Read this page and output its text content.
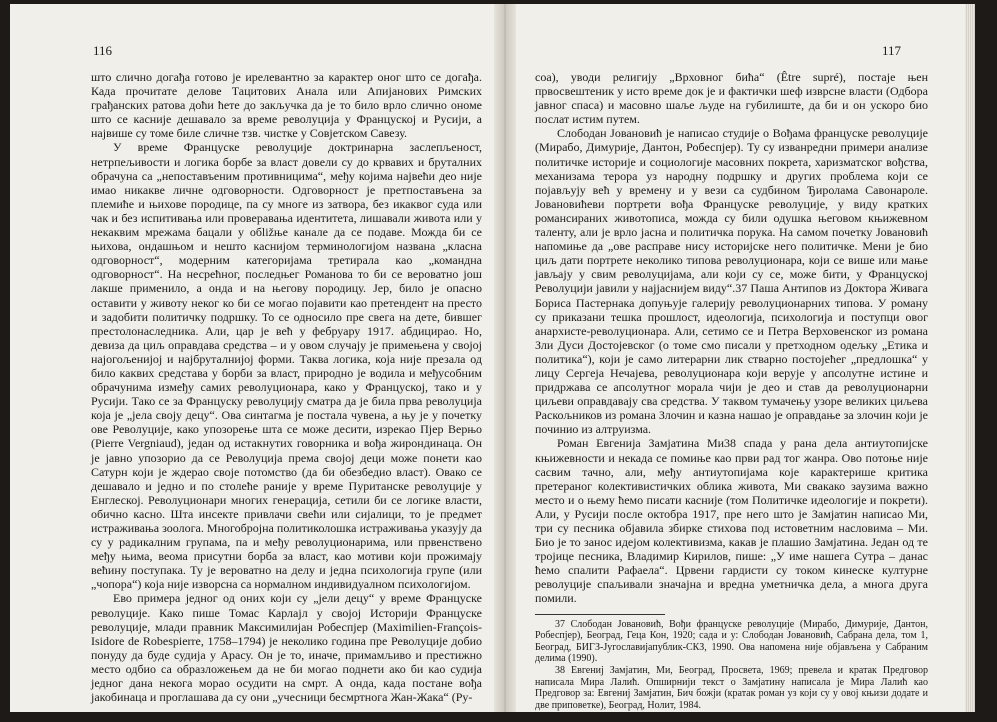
116

што слично догађа готово је ирелевантно за карактер оног што се догађа. Када прочитате делове Тацитових Анала или Апијанових Римских грађанских ратова доћи ћете до закључка да је то било врло слично ономе што се касније дешавало за време револуција у Француској и Русији, а највише су томе биле сличне тзв. чистке у Совјетском Савезу.

У време Француске револуције доктринарна заслепљеност, нетрпељивости и логика борбе за власт довели су до крвавих и бруталних обрачуна са „непоставъеним противницима“, међу којима највећи део није имао никакве личне одговорности. Одговорност је претпоставъена за племиће и њихове породице, па су многе из затвора, без икаквог суда или чак и без испитивања или проверавања идентитета, лишавали живота или у некаквим мрежама бацали у обližње канале да се подаве. Можда би се њихова, ондашњом и нешто каснијом терминологијом названа „класна одговорност“, модерним категоријама третирала као „командна одговорност“. На несрећног, последњег Романова то би се вероватно још лакше применило, а онда и на његову породицу. Јер, било је опасно оставити у животу неког ко би се могао појавити као претендент на престо и задобити политичку подршку. То се односило пре свега на дете, бившег престолонаследника. Али, цар је већ у фебруару 1917. абдицирао. Но, девиза да циљ оправдава средства – и у овом случају је примењена у својој најогољенијој и најбруталнијој форми. Таква логика, која није презала од било каквих средстава у борби за власт, природно је водила и међусобним обрачунима између самих револуционара, како у Француској, тако и у Русији. Тако се за Француску револуцију сматра да је била прва револуција која је „јела своју децу“. Ова синтагма је постала чувена, а њу је у почетку ове Револуције, како упозорење шта се може десити, изрекао Пјер Верњо (Pierre Vergniaud), један од истакнутих говорника и вођа жирондинаца. Он је јавно упозорио да се Револуција према својој деци може понети као Сатурн који је ждерао своје потомство (да би обезбедио власт). Овако се дешавало и једно и по столеће раније у време Пуританске револуције у Енглеској. Револуционари многих генерација, сетили би се логике власти, обично касно. Шта инсекте привлачи свећи или сијалици, то је предмет истраживања зоолога. Многобројна политиколошка истраживања указују да су у радикалним групама, па и међу револуционарима, или првенствено међу њима, веома присутни борба за власт, као мотиви који прожимају већину поступака. Ту је вероватно на делу и једна психологија групе (или „чопора“) која није изворсна са нормалном индивидуалном психологијом.

Ево примера једног од оних који су „јели децу“ у време Француске револуције. Како пише Томас Карлајл у својој Историји Француске револуције, млади правник Максимилијан Робеспјер (Maximilien-François-Isidore de Robespierre, 1758–1794) је неколико година пре Револуције добио понуду да буде судија у Арасу. Он је то, иначе, примамљиво и престижно место одбио са образложењем да не би могао поднети ако би као судија једног дана некога морао осудити на смрт. А онда, када постане вођа јакобинаца и проглашава да су они „учесници бесмртнога Жан-Жака“ (Ру-

117

соа), уводи религију „Врховног бића“ (Être supré), постаје њен првосвештеник у исто време док је и фактички шеф изврсне власти (Одбора јавног спаса) и масовно шаље људе на губилиште, да би и он ускоро био послат истим путем.

Слободан Јовановић је написао студије о Вођама француске револуције (Мирабо, Димурије, Дантон, Робеспјер). Ту су изванредни примери анализе политичке историје и социологије масовних покрета, харизматског вођства, механизама терора уз народну подршку и других проблема који се појављују већ у времену и у вези са судбином Ђиролама Савонароле. Јовановићеви портрети вођа Француске револуције, у виду кратких романсираних животописа, можда су били одушка његовом књижевном таленту, али је врло јасна и политичка порука. На самом почетку Јовановић напомиње да „ове расправе нису историјске него политичке. Мени је био циљ дати портрете неколико типова револуционара, који се више или мање јављају у свим револуцијама, али који су се, може бити, у Француској Револуцији јавили у најјаснијем виду“.37 Паша Антипов из Доктора Живага Бориса Пастернака допуњује галерију револуционарних типова. У роману су приказани тешка прошлост, идеологија, психологија и поступци овог анархисте-револуционара. Али, сетимо се и Петра Верховенског из романа Зли Дуси Достојевског (о томе смо писали у претходном одељку „Етика и политика“), који је само литерарни лик стварно постојећег „предлошка“ у лицу Сергеја Нечајева, револуционара који верује у апсолутне истине и придржава се апсолутног морала чији је део и став да револуционарни циљеви оправдавају сва средства. У таквом тумачењу узоре великих циљева Раскољников из романа Злочин и казна нашао је оправдање за злочин који је починио из алтруизма.

Роман Евгенија Замјатина Ми38 спада у рана дела антиутопијске књижевности и некада се помиње као први рад тог жанра. Ово потоње није сасвим тачно, али, међу антиутопијама које карактерише критика претераног колективистичких облика живота, Ми свакако заузима важно место и о њему ћемо писати касније (том Политичке идеологије и покрети). Али, у Русији после октобра 1917, пре него што је Замјатин написао Ми, три су песника објавила збирке стихова под истоветним насловима – Ми. Био је то занос идејом колективизма, какав је плашио Замјатина. Један од те тројице песника, Владимир Кирилов, пише: „У име нашега Сутра – данас ћемо спалити Рафаела“. Црвени гардисти су током кинеске културне револуције спаљивали значајна и вредна уметничка дела, а многа друга помили.

37 Слободан Јовановић, Вођи француске револуције (Мирабо, Димурије, Дантон, Робеспјер), Београд, Геца Кон, 1920; сада и у: Слободан Јовановић, Сабрана дела, том 1, Београд, БИГЗ-Југославијапублик-СКЗ, 1990. Ова напомена није објављена у Сабраним делима (1990).

38 Евгениј Замјатин, Ми, Београд, Просвета, 1969; превела и кратак Предговор написала Мира Лалић. Опширнији текст о Замјатину написала је Мира Лалић као Предговор за: Евгениј Замјатин, Бич божји (кратак роман уз који су у овој књизи додате и две приповетке), Београд, Нолит, 1984.
